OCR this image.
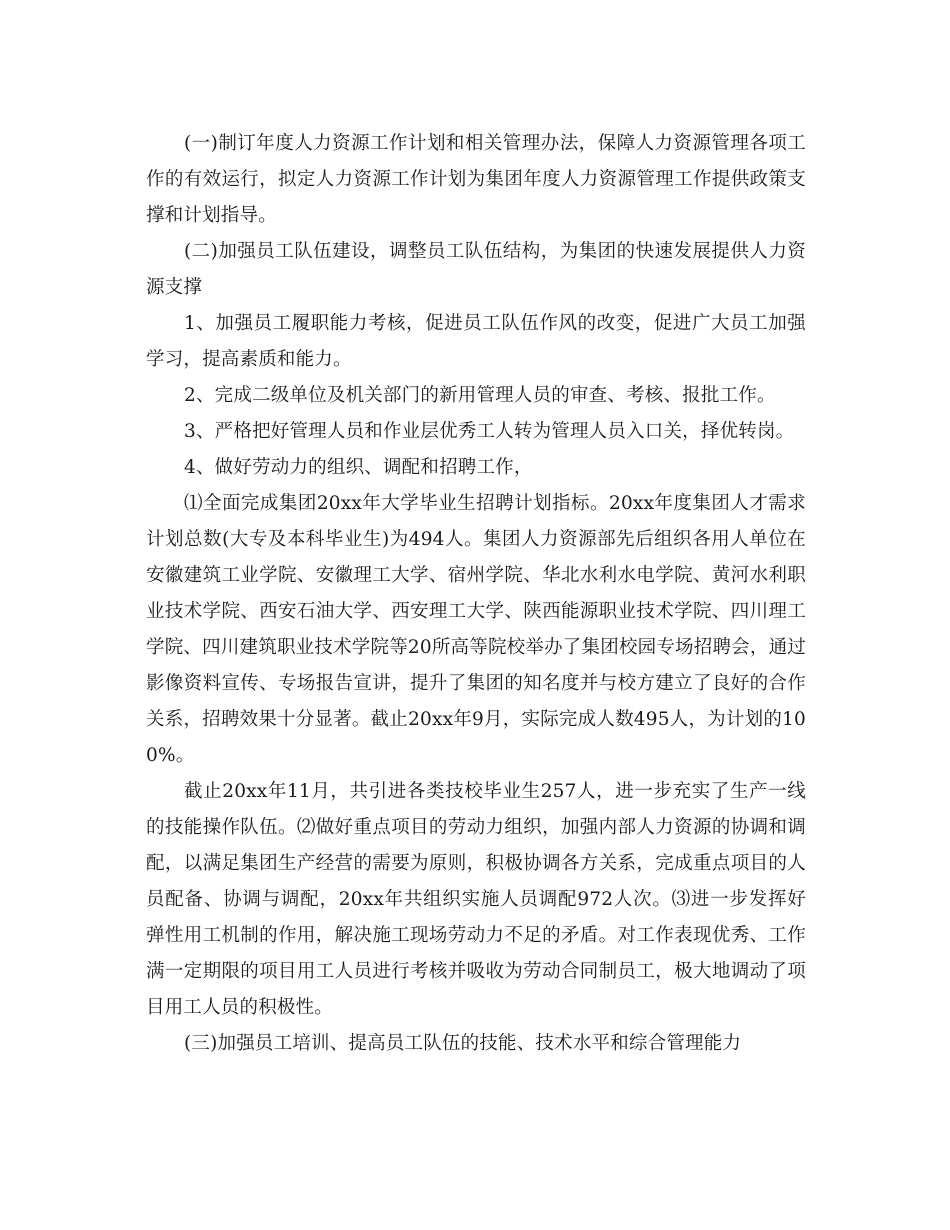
(一)制订年度人力资源工作计划和相关管理办法，保障人力资源管理各项工作的有效运行，拟定人力资源工作计划为集团年度人力资源管理工作提供政策支撑和计划指导。

(二)加强员工队伍建设，调整员工队伍结构，为集团的快速发展提供人力资源支撑

1、加强员工履职能力考核，促进员工队伍作风的改变，促进广大员工加强学习，提高素质和能力。

2、完成二级单位及机关部门的新用管理人员的审查、考核、报批工作。

3、严格把好管理人员和作业层优秀工人转为管理人员入口关，择优转岗。

4、做好劳动力的组织、调配和招聘工作，

⑴全面完成集团20xx年大学毕业生招聘计划指标。20xx年度集团人才需求计划总数(大专及本科毕业生)为494人。集团人力资源部先后组织各用人单位在安徽建筑工业学院、安徽理工大学、宿州学院、华北水利水电学院、黄河水利职业技术学院、西安石油大学、西安理工大学、陕西能源职业技术学院、四川理工学院、四川建筑职业技术学院等20所高等院校举办了集团校园专场招聘会，通过影像资料宣传、专场报告宣讲，提升了集团的知名度并与校方建立了良好的合作关系，招聘效果十分显著。截止20xx年9月，实际完成人数495人，为计划的100%。

截止20xx年11月，共引进各类技校毕业生257人，进一步充实了生产一线的技能操作队伍。⑵做好重点项目的劳动力组织，加强内部人力资源的协调和调配，以满足集团生产经营的需要为原则，积极协调各方关系，完成重点项目的人员配备、协调与调配，20xx年共组织实施人员调配972人次。⑶进一步发挥好弹性用工机制的作用，解决施工现场劳动力不足的矛盾。对工作表现优秀、工作满一定期限的项目用工人员进行考核并吸收为劳动合同制员工，极大地调动了项目用工人员的积极性。

(三)加强员工培训、提高员工队伍的技能、技术水平和综合管理能力
